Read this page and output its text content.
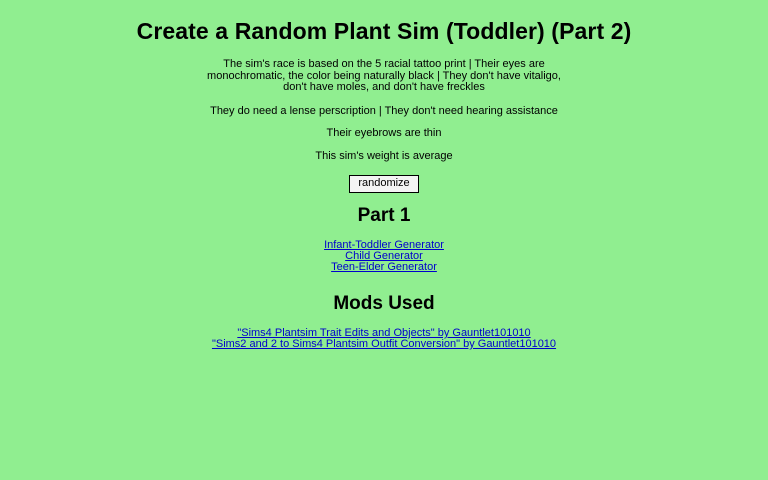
Create a Random Plant Sim (Toddler) (Part 2)
The sim's race is based on the 5 racial tattoo print | Their eyes are monochromatic, the color being naturally black | They don't have vitaligo, don't have moles, and don't have freckles
They do need a lense perscription | They don't need hearing assistance
Their eyebrows are thin
This sim's weight is average
randomize
Part 1
Infant-Toddler Generator
Child Generator
Teen-Elder Generator
Mods Used
"Sims4 Plantsim Trait Edits and Objects" by Gauntlet101010
"Sims2 and 2 to Sims4 Plantsim Outfit Conversion" by Gauntlet101010
